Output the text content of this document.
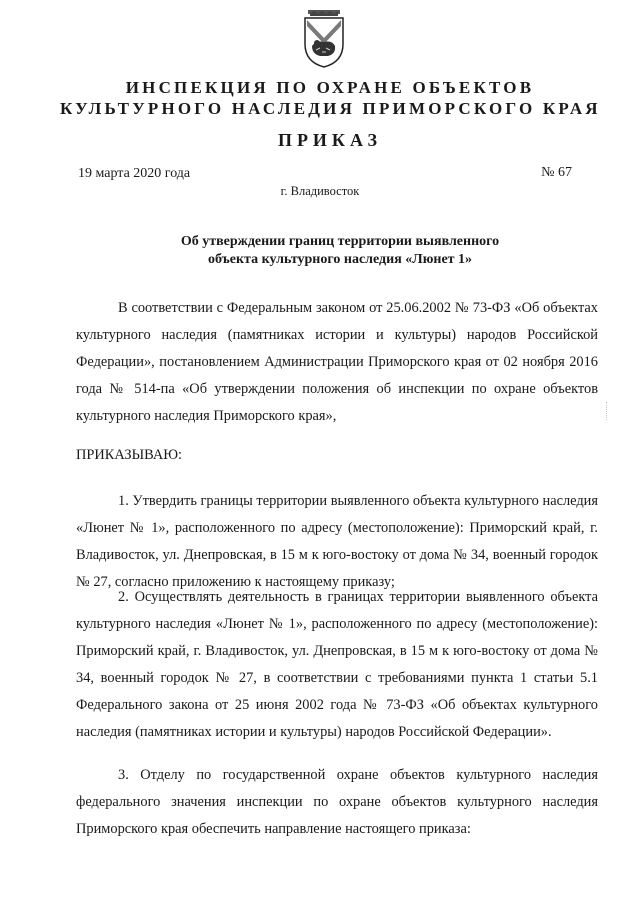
ИНСПЕКЦИЯ ПО ОХРАНЕ ОБЪЕКТОВ
КУЛЬТУРНОГО НАСЛЕДИЯ ПРИМОРСКОГО КРАЯ
ПРИКАЗ
19 марта 2020 года	№ 67
г. Владивосток
Об утверждении границ территории выявленного
объекта культурного наследия «Люнет 1»
В соответствии с Федеральным законом от 25.06.2002 № 73-ФЗ «Об объектах культурного наследия (памятниках истории и культуры) народов Российской Федерации», постановлением Администрации Приморского края от 02 ноября 2016 года № 514-па «Об утверждении положения об инспекции по охране объектов культурного наследия Приморского края»,
ПРИКАЗЫВАЮ:
1. Утвердить границы территории выявленного объекта культурного наследия «Люнет № 1», расположенного по адресу (местоположение): Приморский край, г. Владивосток, ул. Днепровская, в 15 м к юго-востоку от дома № 34, военный городок № 27, согласно приложению к настоящему приказу;
2. Осуществлять деятельность в границах территории выявленного объекта культурного наследия «Люнет № 1», расположенного по адресу (местоположение): Приморский край, г. Владивосток, ул. Днепровская, в 15 м к юго-востоку от дома № 34, военный городок № 27, в соответствии с требованиями пункта 1 статьи 5.1 Федерального закона от 25 июня 2002 года № 73-ФЗ «Об объектах культурного наследия (памятниках истории и культуры) народов Российской Федерации».
3. Отделу по государственной охране объектов культурного наследия федерального значения инспекции по охране объектов культурного наследия Приморского края обеспечить направление настоящего приказа:
